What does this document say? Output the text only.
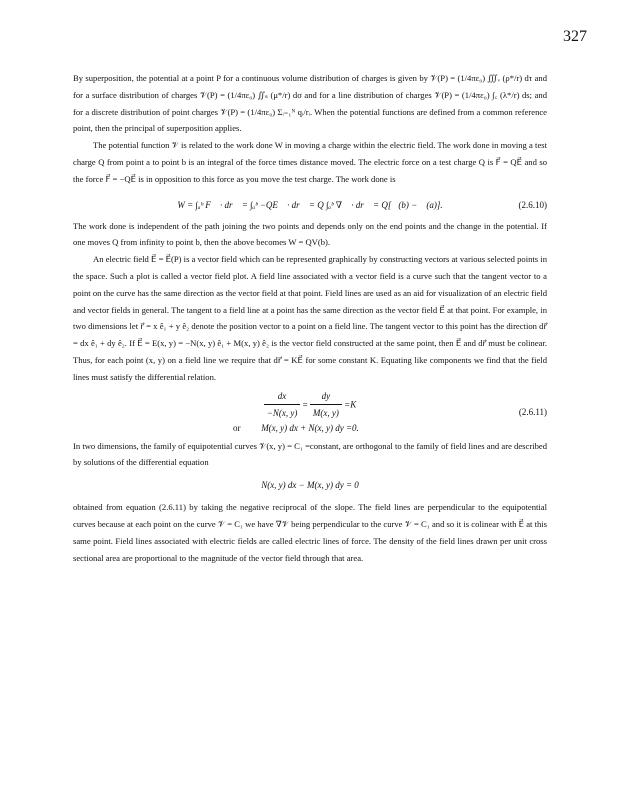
327

By superposition, the potential at a point P for a continuous volume distribution of charges is given by 𝒱(P) = (1/4πε₀) ∭ᵥ (ρ*/r) dτ and for a surface distribution of charges 𝒱(P) = (1/4πε₀) ∬ₛ (μ*/r) dσ and for a line distribution of charges 𝒱(P) = (1/4πε₀) ∫꜀ (λ*/r) ds; and for a discrete distribution of point charges 𝒱(P) = (1/4πε₀) Σᵢ₌₁ᴺ qᵢ/rᵢ. When the potential functions are defined from a common reference point, then the principal of superposition applies.

The potential function 𝒱 is related to the work done W in moving a charge within the electric field. The work done in moving a test charge Q from point a to point b is an integral of the force times distance moved. The electric force on a test charge Q is F⃗ = QE⃗ and so the force F⃗ = −QE⃗ is in opposition to this force as you move the test charge. The work done is

W = ∫ₐᵇ F⃗ · dr⃗ = ∫ₐᵇ −QE⃗ · dr⃗ = Q ∫ₐᵇ ∇𝒱 · dr⃗ = Q[𝒱(b) − 𝒱(a)].	(2.6.10)

The work done is independent of the path joining the two points and depends only on the end points and the change in the potential. If one moves Q from infinity to point b, then the above becomes W = QV(b).

An electric field E⃗ = E⃗(P) is a vector field which can be represented graphically by constructing vectors at various selected points in the space. Such a plot is called a vector field plot. A field line associated with a vector field is a curve such that the tangent vector to a point on the curve has the same direction as the vector field at that point. Field lines are used as an aid for visualization of an electric field and vector fields in general. The tangent to a field line at a point has the same direction as the vector field E⃗ at that point. For example, in two dimensions let r⃗ = x ê₁ + y ê₂ denote the position vector to a point on a field line. The tangent vector to this point has the direction dr⃗ = dx ê₁ + dy ê₂. If E⃗ = E(x, y) = −N(x, y) ê₁ + M(x, y) ê₂ is the vector field constructed at the same point, then E⃗ and dr⃗ must be colinear. Thus, for each point (x, y) on a field line we require that dr⃗ = KE⃗ for some constant K. Equating like components we find that the field lines must satisfy the differential relation.

$\frac{dx}{-N(x, y)} = \frac{dy}{M(x, y)} =K$
or	M(x, y) dx + N(x, y) dy =0.
(2.6.11)

In two dimensions, the family of equipotential curves 𝒱(x, y) = C₁ =constant, are orthogonal to the family of field lines and are described by solutions of the differential equation

N(x, y) dx − M(x, y) dy = 0

obtained from equation (2.6.11) by taking the negative reciprocal of the slope. The field lines are perpendicular to the equipotential curves because at each point on the curve 𝒱 = C₁ we have ∇𝒱 being perpendicular to the curve 𝒱 = C₁ and so it is colinear with E⃗ at this same point. Field lines associated with electric fields are called electric lines of force. The density of the field lines drawn per unit cross sectional area are proportional to the magnitude of the vector field through that area.
